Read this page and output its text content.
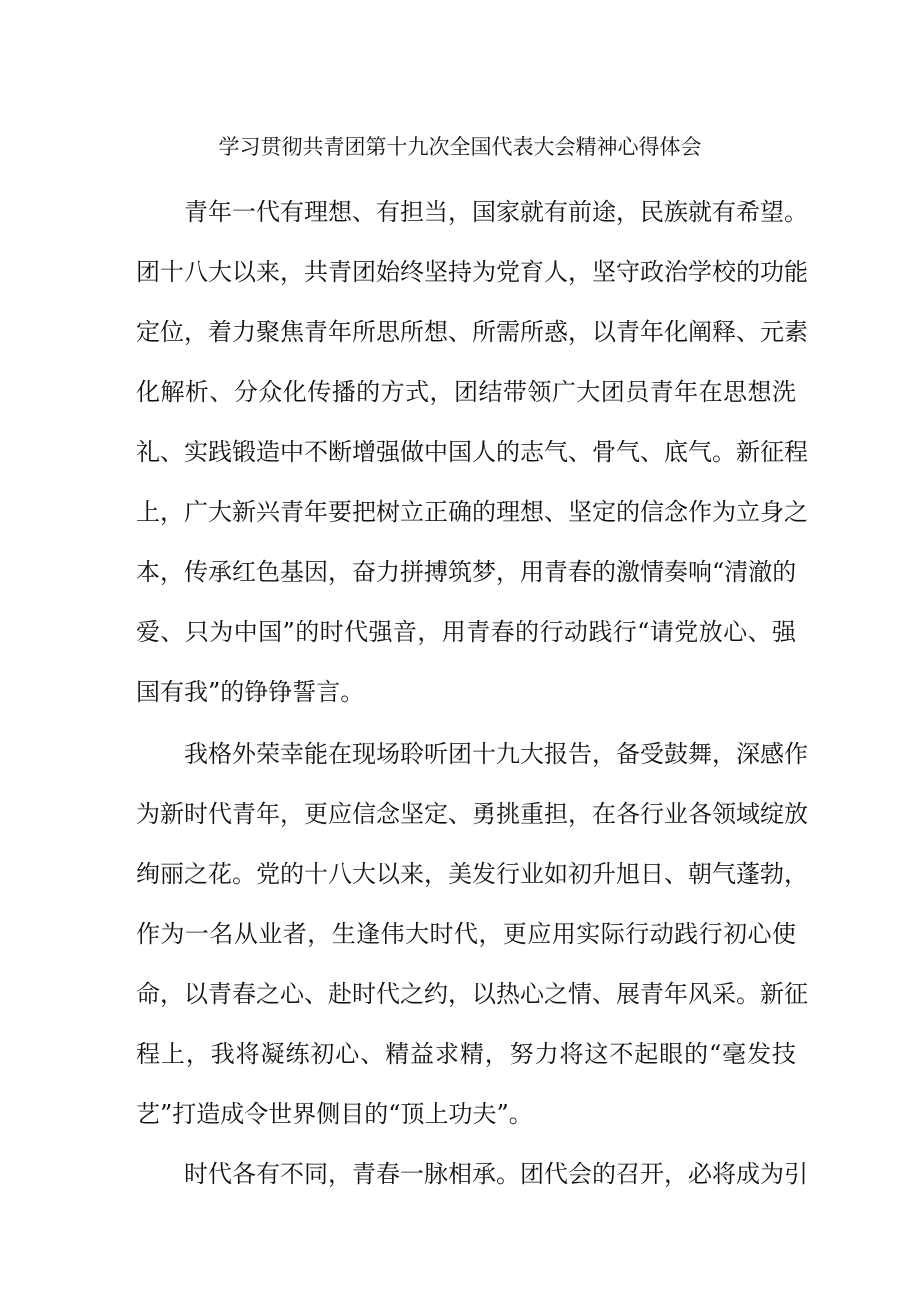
学习贯彻共青团第十九次全国代表大会精神心得体会
青年一代有理想、有担当，国家就有前途，民族就有希望。
团十八大以来，共青团始终坚持为党育人，坚守政治学校的功能
定位，着力聚焦青年所思所想、所需所惑，以青年化阐释、元素
化解析、分众化传播的方式，团结带领广大团员青年在思想洗
礼、实践锻造中不断增强做中国人的志气、骨气、底气。新征程
上，广大新兴青年要把树立正确的理想、坚定的信念作为立身之
本，传承红色基因，奋力拼搏筑梦，用青春的激情奏响“清澈的
爱、只为中国”的时代强音，用青春的行动践行“请党放心、强
国有我”的铮铮誓言。
我格外荣幸能在现场聆听团十九大报告，备受鼓舞，深感作
为新时代青年，更应信念坚定、勇挑重担，在各行业各领域绽放
绚丽之花。党的十八大以来，美发行业如初升旭日、朝气蓬勃，
作为一名从业者，生逢伟大时代，更应用实际行动践行初心使
命，以青春之心、赴时代之约，以热心之情、展青年风采。新征
程上，我将凝练初心、精益求精，努力将这不起眼的“毫发技
艺”打造成令世界侧目的“顶上功夫”。
时代各有不同，青春一脉相承。团代会的召开，必将成为引
